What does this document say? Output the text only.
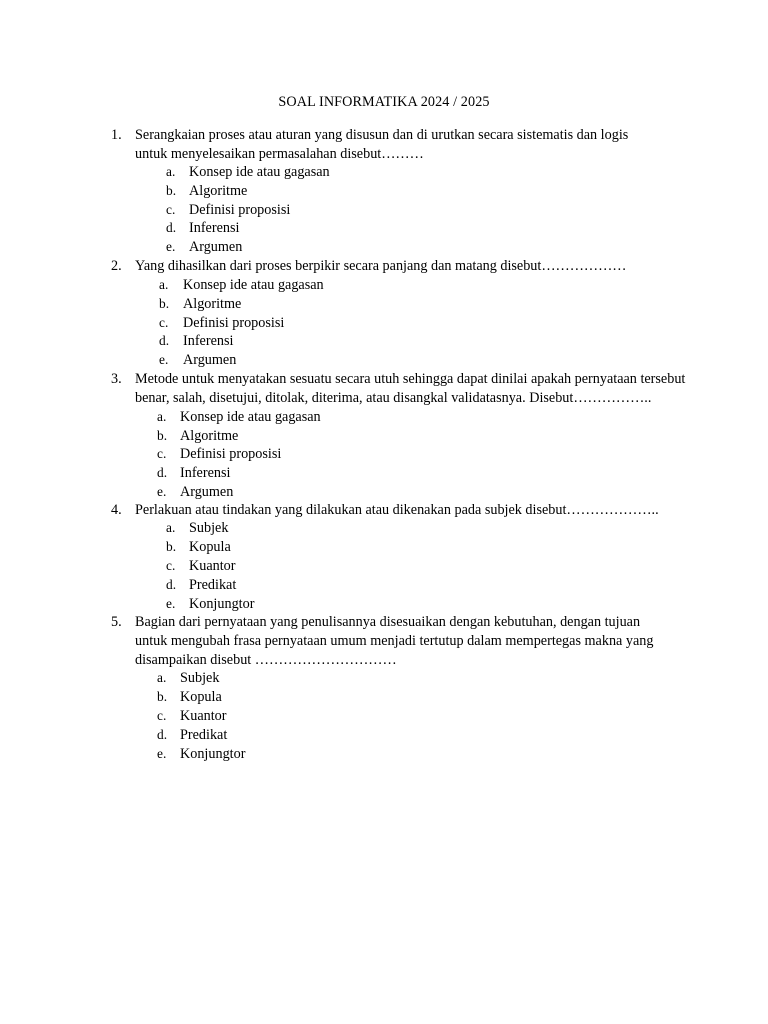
SOAL INFORMATIKA 2024 / 2025
1. Serangkaian proses atau aturan yang disusun dan di urutkan secara sistematis dan logis
untuk menyelesaikan permasalahan disebut………
a. Konsep ide atau gagasan
b. Algoritme
c. Definisi proposisi
d. Inferensi
e. Argumen
2. Yang dihasilkan dari proses berpikir secara panjang dan matang disebut………………
a. Konsep ide atau gagasan
b. Algoritme
c. Definisi proposisi
d. Inferensi
e. Argumen
3. Metode untuk menyatakan sesuatu secara utuh sehingga dapat dinilai apakah pernyataan tersebut
benar, salah, disetujui, ditolak, diterima, atau disangkal validatasnya. Disebut……………..
a. Konsep ide atau gagasan
b. Algoritme
c. Definisi proposisi
d. Inferensi
e. Argumen
4. Perlakuan atau tindakan yang dilakukan atau dikenakan pada subjek disebut………………..
a. Subjek
b. Kopula
c. Kuantor
d. Predikat
e. Konjungtor
5. Bagian dari pernyataan yang penulisannya disesuaikan dengan kebutuhan, dengan tujuan
untuk mengubah frasa pernyataan umum menjadi tertutup dalam mempertegas makna yang
disampaikan disebut …………………………
a. Subjek
b. Kopula
c. Kuantor
d. Predikat
e. Konjungtor
